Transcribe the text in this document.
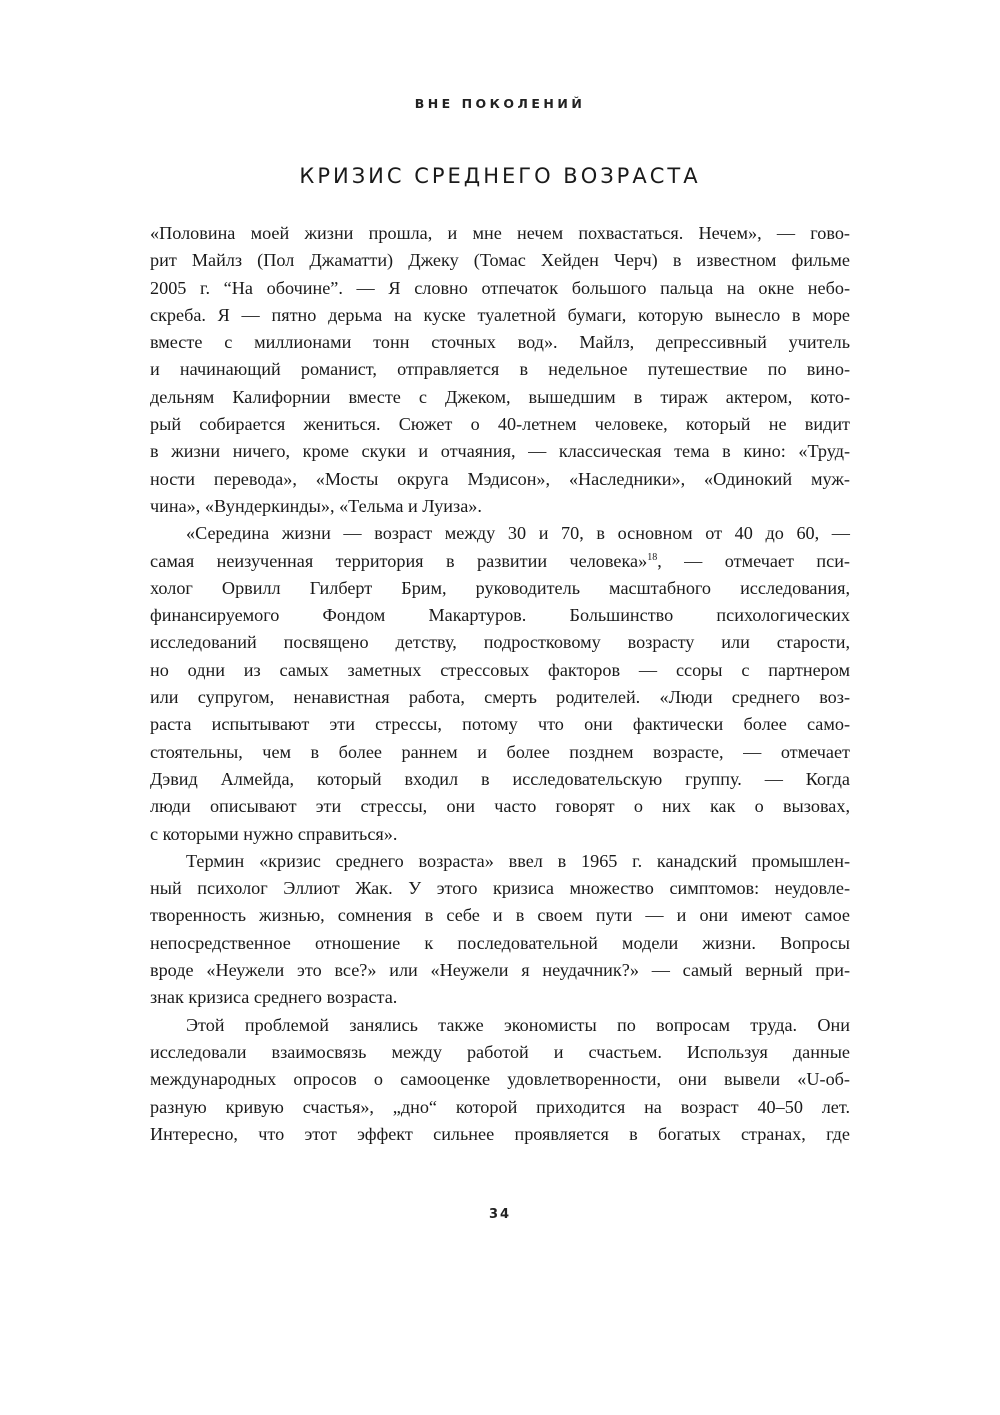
ВНЕ ПОКОЛЕНИЙ
КРИЗИС СРЕДНЕГО ВОЗРАСТА
«Половина моей жизни прошла, и мне нечем похвастаться. Нечем», — гово-
рит Майлз (Пол Джаматти) Джеку (Томас Хейден Черч) в известном фильме
2005 г. “На обочине”. — Я словно отпечаток большого пальца на окне небо-
скреба. Я — пятно дерьма на куске туалетной бумаги, которую вынесло в море
вместе с миллионами тонн сточных вод». Майлз, депрессивный учитель
и начинающий романист, отправляется в недельное путешествие по вино-
дельням Калифорнии вместе с Джеком, вышедшим в тираж актером, кото-
рый собирается жениться. Сюжет о 40-летнем человеке, который не видит
в жизни ничего, кроме скуки и отчаяния, — классическая тема в кино: «Труд-
ности перевода», «Мосты округа Мэдисон», «Наследники», «Одинокий муж-
чина», «Вундеркинды», «Тельма и Луиза».
«Середина жизни — возраст между 30 и 70, в основном от 40 до 60, —
самая неизученная территория в развитии человека»$^{18}$, — отмечает пси-
холог Орвилл Гилберт Брим, руководитель масштабного исследования,
финансируемого Фондом Макартуров. Большинство психологических
исследований посвящено детству, подростковому возрасту или старости,
но одни из самых заметных стрессовых факторов — ссоры с партнером
или супругом, ненавистная работа, смерть родителей. «Люди среднего воз-
раста испытывают эти стрессы, потому что они фактически более само-
стоятельны, чем в более раннем и более позднем возрасте, — отмечает
Дэвид Алмейда, который входил в исследовательскую группу. — Когда
люди описывают эти стрессы, они часто говорят о них как о вызовах,
с которыми нужно справиться».
Термин «кризис среднего возраста» ввел в 1965 г. канадский промышлен-
ный психолог Эллиот Жак. У этого кризиса множество симптомов: неудовле-
творенность жизнью, сомнения в себе и в своем пути — и они имеют самое
непосредственное отношение к последовательной модели жизни. Вопросы
вроде «Неужели это все?» или «Неужели я неудачник?» — самый верный при-
знак кризиса среднего возраста.
Этой проблемой занялись также экономисты по вопросам труда. Они
исследовали взаимосвязь между работой и счастьем. Используя данные
международных опросов о самооценке удовлетворенности, они вывели «U-об-
разную кривую счастья», „дно“ которой приходится на возраст 40–50 лет.
Интересно, что этот эффект сильнее проявляется в богатых странах, где
34
